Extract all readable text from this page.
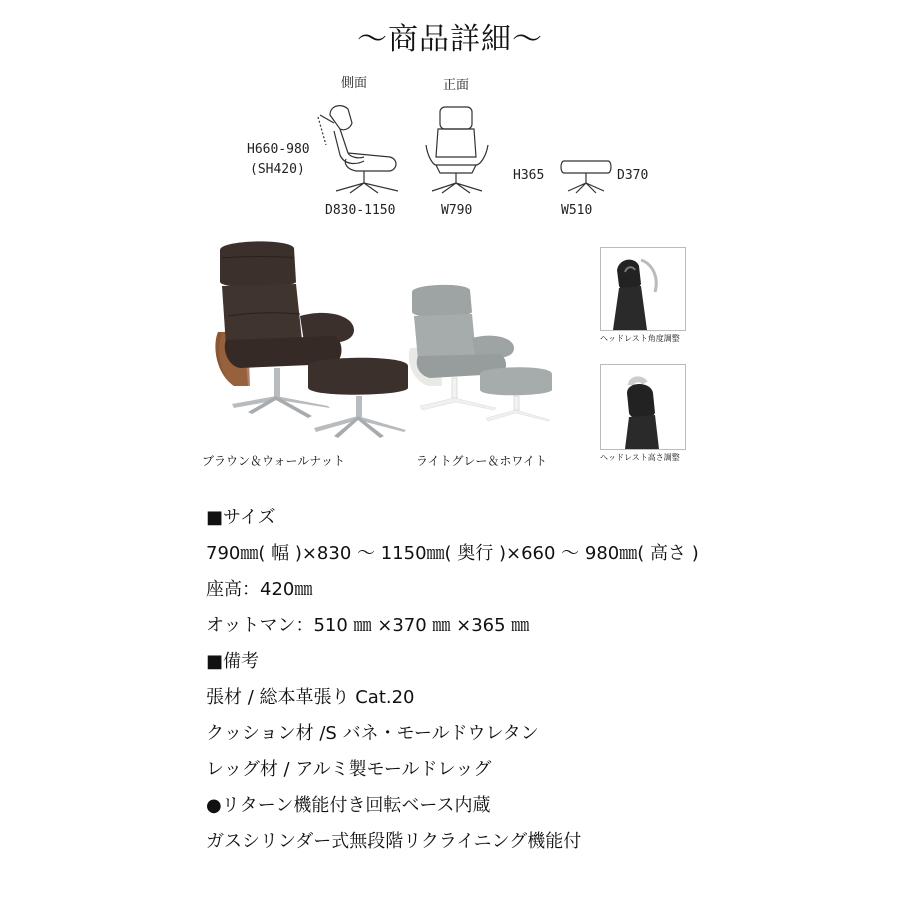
〜商品詳細〜
側面	正面
H660-980
(SH420)
D830-1150	W790
H365	D370
W510
ブラウン＆ウォールナット	ライトグレー＆ホワイト
ヘッドレスト角度調整
ヘッドレスト高さ調整
■サイズ
790㎜( 幅 )×830 〜 1150㎜( 奥行 )×660 〜 980㎜( 高さ )
座高：420㎜
オットマン：510 ㎜ ×370 ㎜ ×365 ㎜
■備考
張材 / 総本革張り Cat.20
クッション材 /S バネ・モールドウレタン
レッグ材 / アルミ製モールドレッグ
●リターン機能付き回転ベース内蔵
ガスシリンダー式無段階リクライニング機能付
